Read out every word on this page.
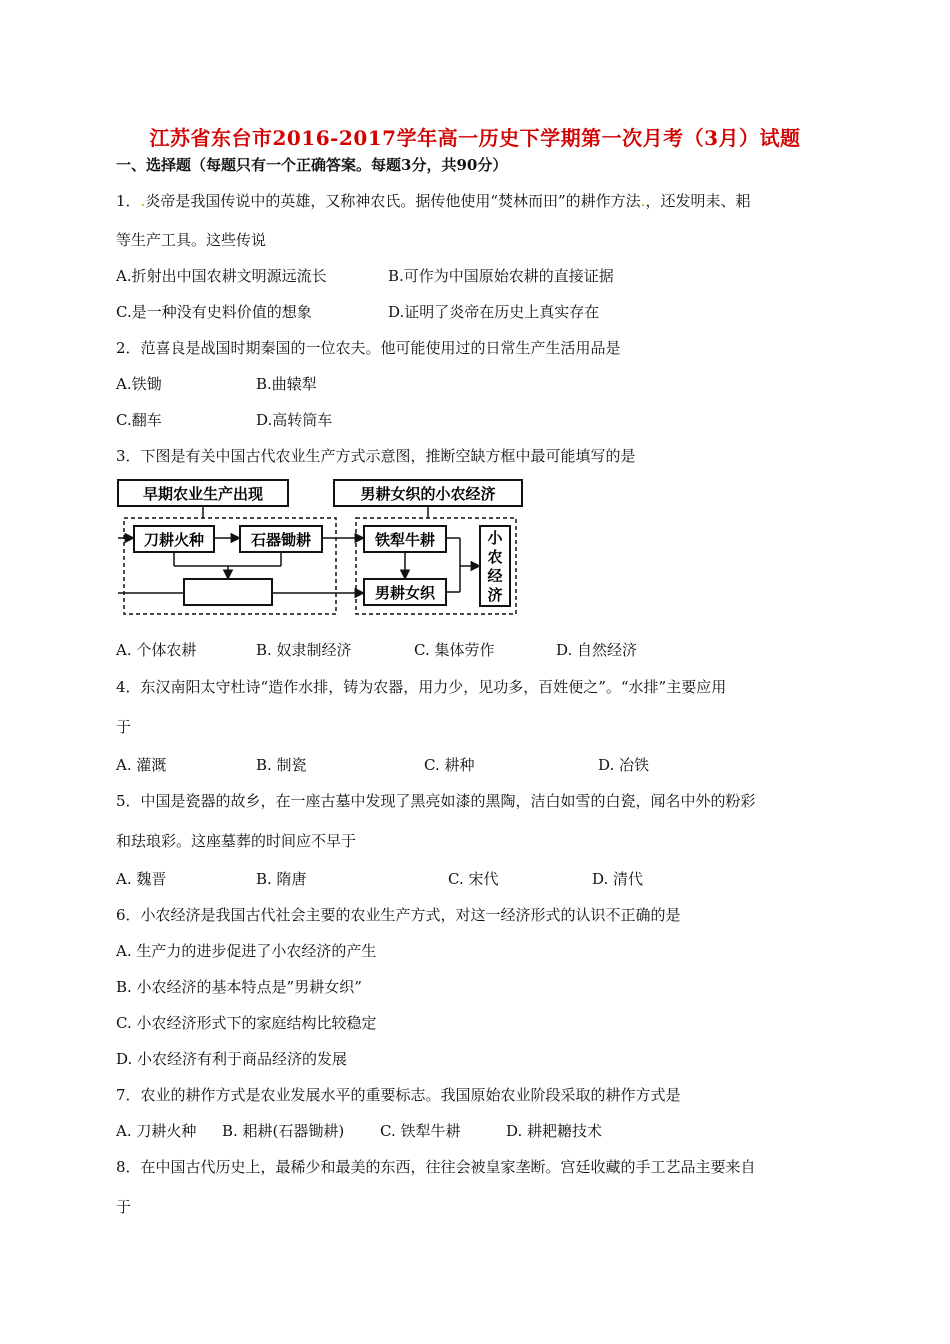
江苏省东台市2016-2017学年高一历史下学期第一次月考（3月）试题
一、选择题（每题只有一个正确答案。每题3分，共90分）
1．.炎帝是我国传说中的英雄，又称神农氏。据传他使用“焚林而田”的耕作方法.，还发明耒、耜
等生产工具。这些传说
A.折射出中国农耕文明源远流长	B.可作为中国原始农耕的直接证据
C.是一种没有史料价值的想象	D.证明了炎帝在历史上真实存在
2．范喜良是战国时期秦国的一位农夫。他可能使用过的日常生产生活用品是
A.铁锄	B.曲辕犁
C.翻车	D.高转筒车
3．下图是有关中国古代农业生产方式示意图，推断空缺方框中最可能填写的是
早期农业生产出现	男耕女织的小农经济
刀耕火种	石器锄耕	铁犁牛耕
男耕女织
小
农
经
济
A. 个体农耕	B. 奴隶制经济	C. 集体劳作	D. 自然经济
4．东汉南阳太守杜诗“造作水排，铸为农器，用力少，见功多，百姓便之”。“水排”主要应用
于
A. 灌溉	B. 制瓷	C. 耕种	D. 冶铁
5．中国是瓷器的故乡，在一座古墓中发现了黑亮如漆的黑陶，洁白如雪的白瓷，闻名中外的粉彩
和珐琅彩。这座墓葬的时间应不早于
A. 魏晋	B. 隋唐	C. 宋代	D. 清代
6．小农经济是我国古代社会主要的农业生产方式，对这一经济形式的认识不正确的是
A. 生产力的进步促进了小农经济的产生
B. 小农经济的基本特点是”男耕女织”
C. 小农经济形式下的家庭结构比较稳定
D. 小农经济有利于商品经济的发展
7．农业的耕作方式是农业发展水平的重要标志。我国原始农业阶段采取的耕作方式是
A. 刀耕火种 B. 耜耕(石器锄耕) C. 铁犁牛耕	D. 耕耙耱技术
8．在中国古代历史上，最稀少和最美的东西，往往会被皇家垄断。宫廷收藏的手工艺品主要来自
于
